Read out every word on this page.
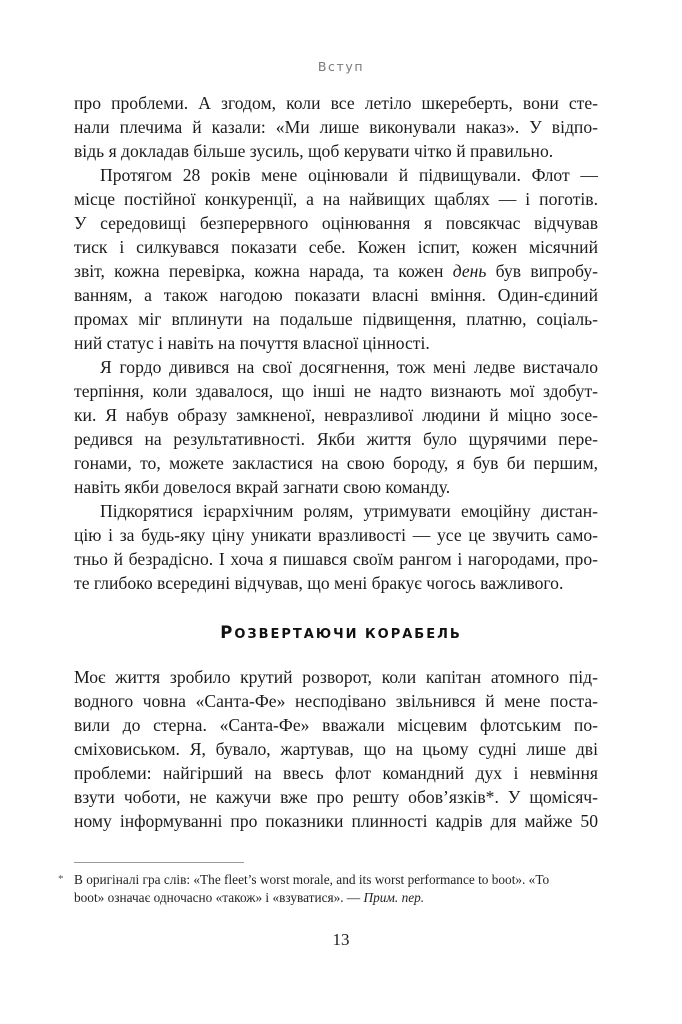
Вступ

про проблеми. А згодом, коли все летіло шкереберть, вони сте-
нали плечима й казали: «Ми лише виконували наказ». У відпо-
відь я докладав більше зусиль, щоб керувати чітко й правильно.

Протягом 28 років мене оцінювали й підвищували. Флот —
місце постійної конкуренції, а на найвищих щаблях — і поготів.
У середовищі безперервного оцінювання я повсякчас відчував
тиск і силкувався показати себе. Кожен іспит, кожен місячний
звіт, кожна перевірка, кожна нарада, та кожен день був випробу-
ванням, а також нагодою показати власні вміння. Один-єдиний
промах міг вплинути на подальше підвищення, платню, соціаль-
ний статус і навіть на почуття власної цінності.

Я гордо дивився на свої досягнення, тож мені ледве вистачало
терпіння, коли здавалося, що інші не надто визнають мої здобут-
ки. Я набув образу замкненої, невразливої людини й міцно зосе-
редився на результативності. Якби життя було щурячими пере-
гонами, то, можете закластися на свою бороду, я був би першим,
навіть якби довелося вкрай загнати свою команду.

Підкорятися ієрархічним ролям, утримувати емоційну дистан-
цію і за будь-яку ціну уникати вразливості — усе це звучить само-
тньо й безрадісно. І хоча я пишався своїм рангом і нагородами, про-
те глибоко всередині відчував, що мені бракує чогось важливого.

РОЗВЕРТАЮЧИ КОРАБЕЛЬ

Моє життя зробило крутий розворот, коли капітан атомного під-
водного човна «Санта-Фе» несподівано звільнився й мене поста-
вили до стерна. «Санта-Фе» вважали місцевим флотським по-
сміховиськом. Я, бувало, жартував, що на цьому судні лише дві
проблеми: найгірший на ввесь флот командний дух і невміння
взути чоботи, не кажучи вже про решту обов’язків*. У щомісяч-
ному інформуванні про показники плинності кадрів для майже 50

* В оригіналі гра слів: «The fleet’s worst morale, and its worst performance to boot». «To
boot» означає одночасно «також» і «взуватися». — Прим. пер.
13
